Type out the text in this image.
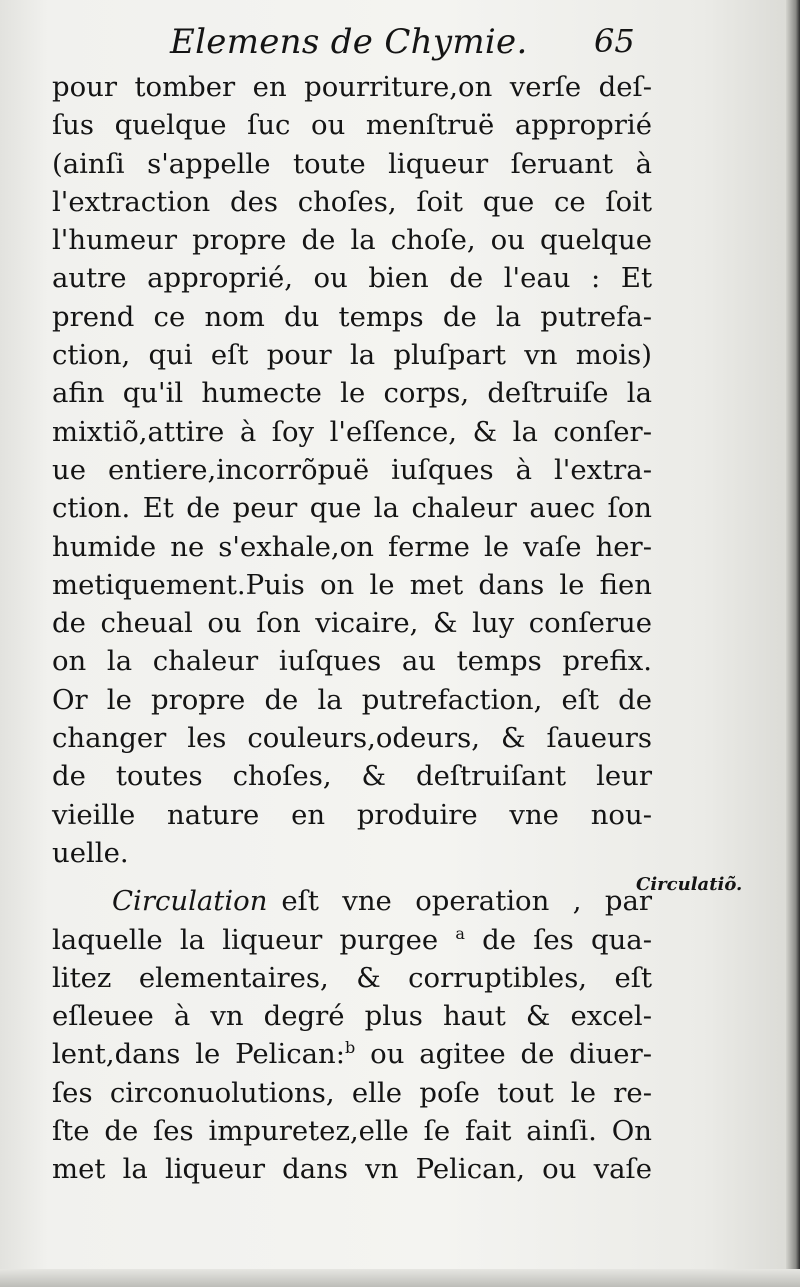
Elemens de Chymie. 65
pour tomber en pourriture,on verſe deſ-
ſus quelque ſuc ou menſtruë approprié
(ainſi s'appelle toute liqueur ſeruant à
l'extraction des choſes, ſoit que ce ſoit
l'humeur propre de la choſe, ou quelque
autre approprié, ou bien de l'eau : Et
prend ce nom du temps de la putrefa-
ction, qui eſt pour la pluſpart vn mois)
afin qu'il humecte le corps, deſtruiſe la
mixtiõ,attire à ſoy l'eſſence, & la conſer-
ue entiere,incorrõpuë iuſques à l'extra-
ction. Et de peur que la chaleur auec ſon
humide ne s'exhale,on ferme le vaſe her-
metiquement.Puis on le met dans le fien
de cheual ou ſon vicaire, & luy conſerue
on la chaleur iuſques au temps prefix.
Or le propre de la putrefaction, eſt de
changer les couleurs,odeurs, & ſaueurs
de toutes choſes, & deſtruiſant leur
vieille nature en produire vne nou-
uelle.
Circulation eſt vne operation , par
laquelle la liqueur purgee $^a$ de ſes qua-
litez elementaires, & corruptibles, eſt
eſleuee à vn degré plus haut & excel-
lent,dans le Pelican:$^b$ ou agitee de diuer-
ſes circonuolutions, elle poſe tout le re-
ſte de ſes impuretez,elle ſe fait ainſi. On
met la liqueur dans vn Pelican, ou vaſe
Circulatiõ.
